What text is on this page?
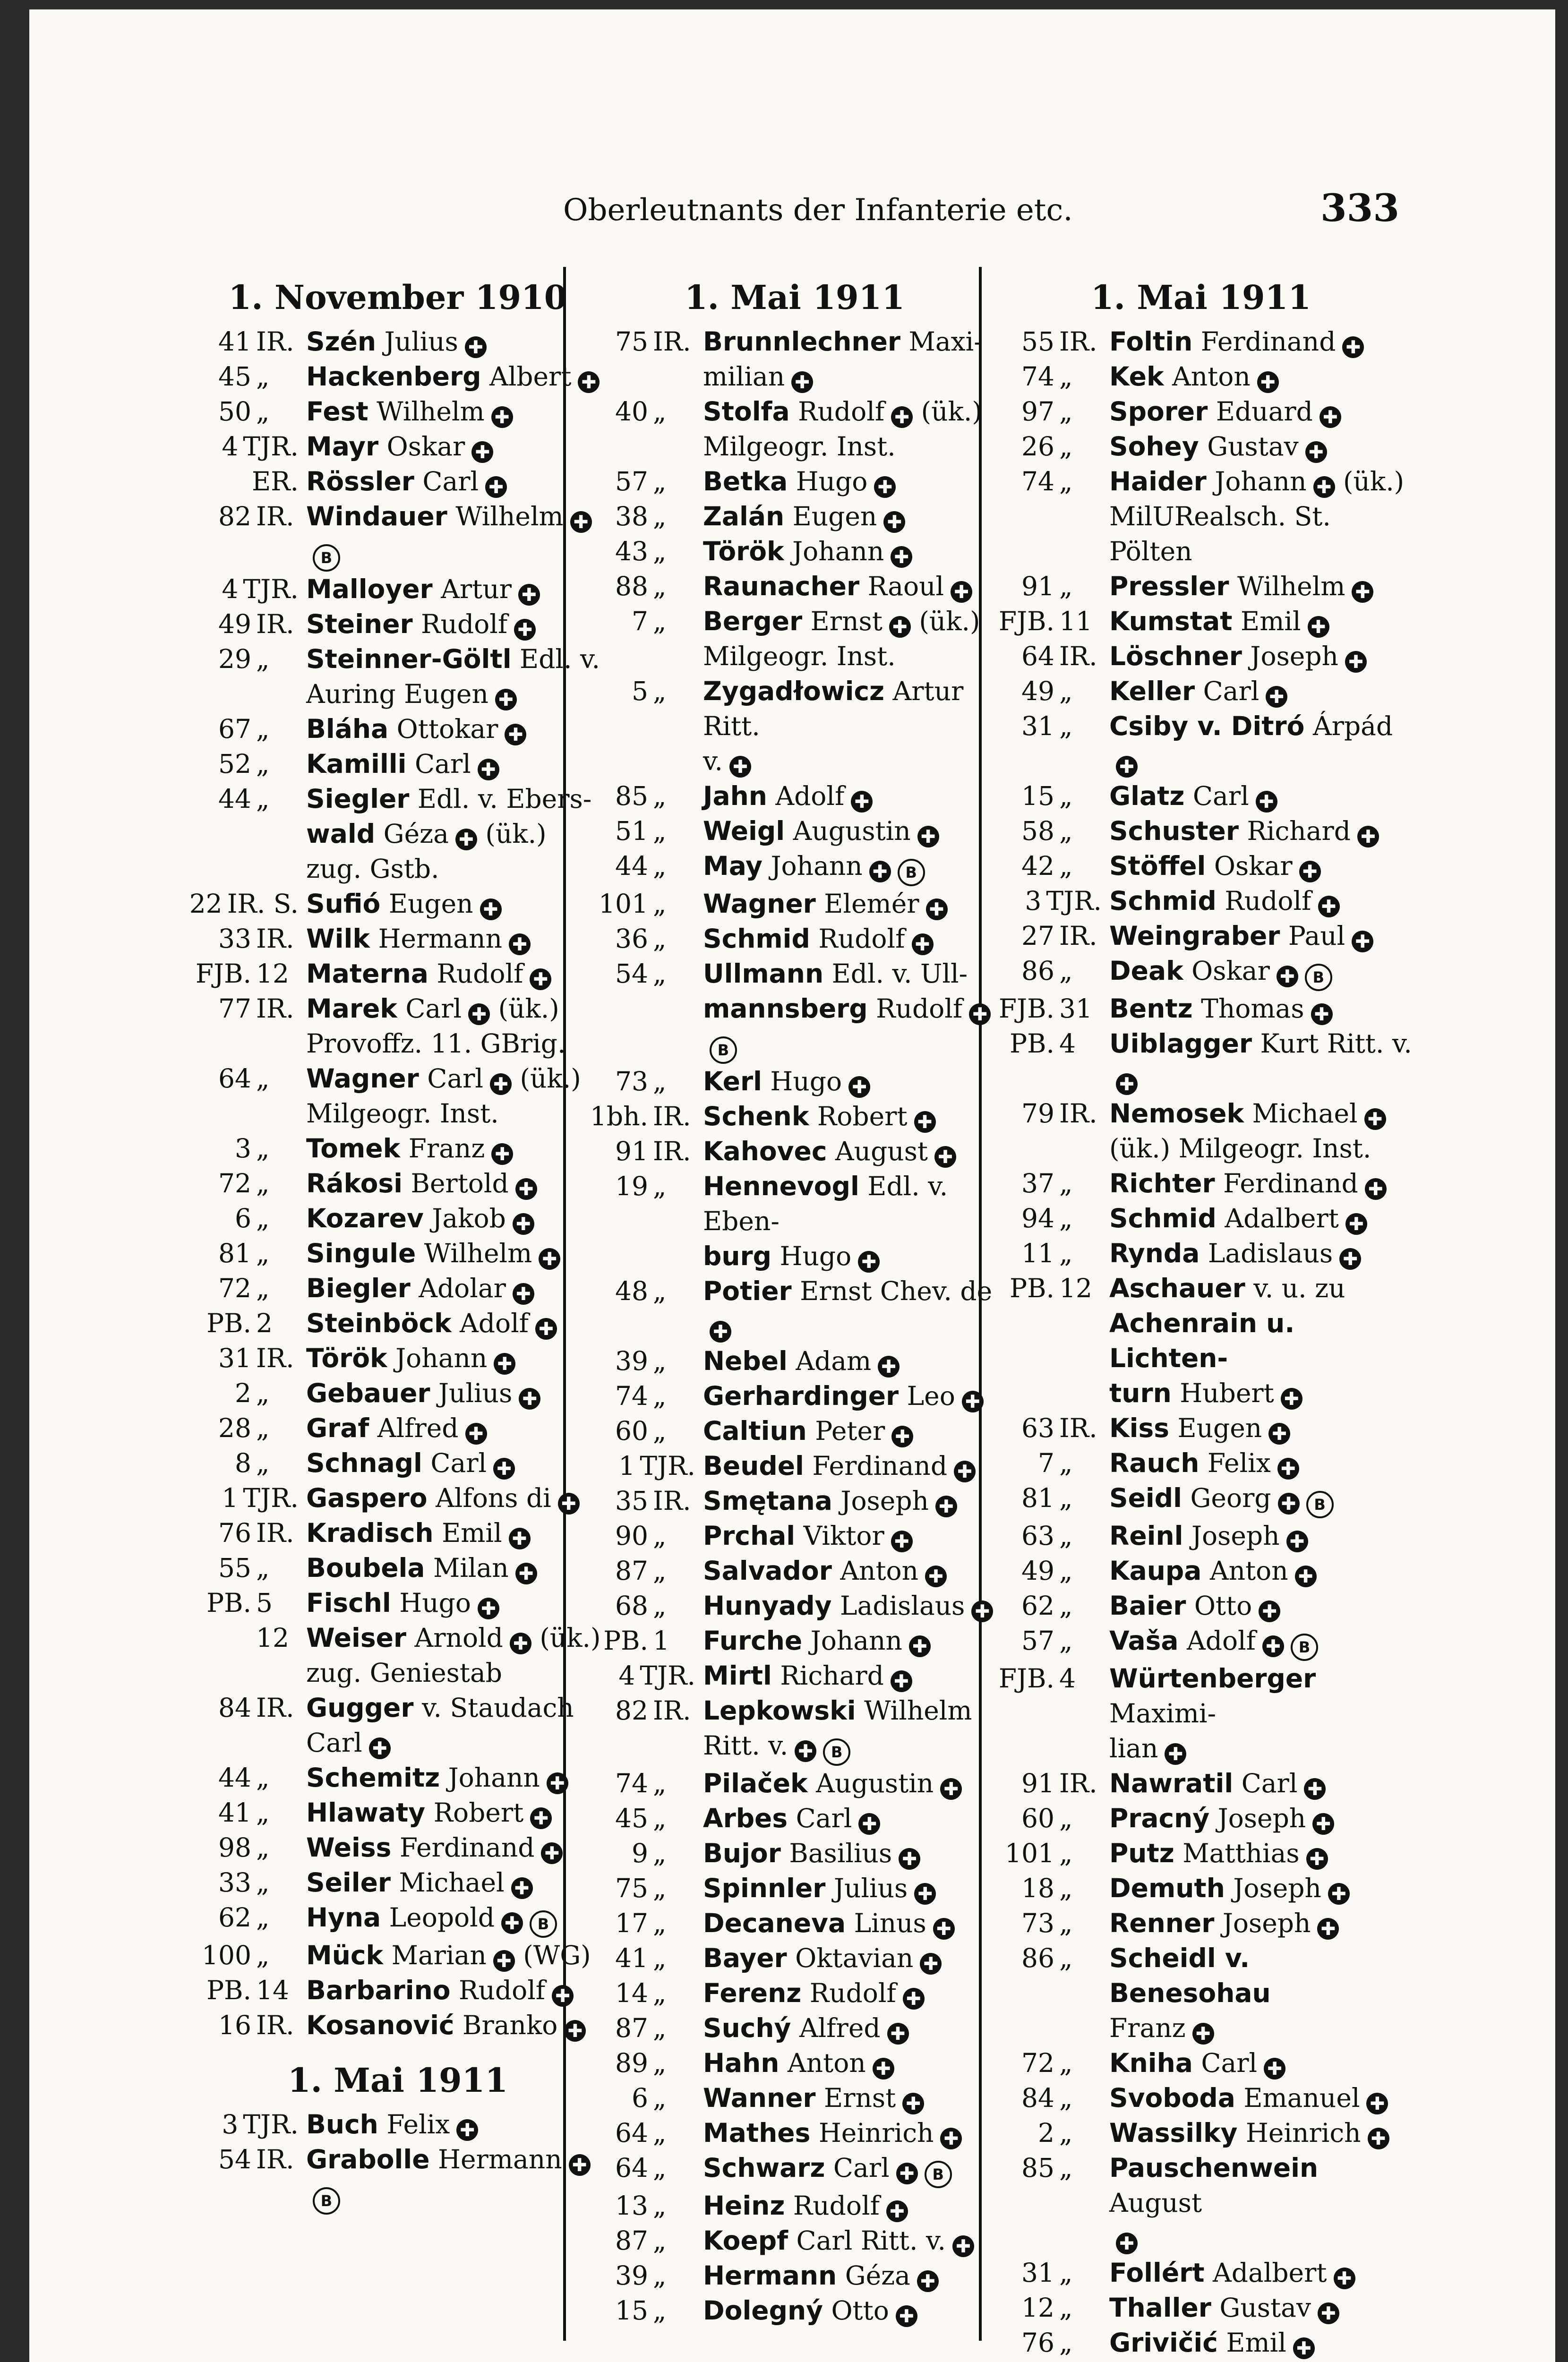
Oberleutnants der Infanterie etc.	333
1. November 1910
41 IR. Szén Julius ✚
45 „	Hackenberg Albert ✚
50 „	Fest Wilhelm ✚
4 TJR. Mayr Oskar ✚
ER. Rössler Carl ✚
82 IR. Windauer Wilhelm ✚
B
4 TJR. Malloyer Artur ✚
49 IR. Steiner Rudolf ✚
29 „	Steinner-Göltl Edl. v.
Auring Eugen ✚
67 „	Bláha Ottokar ✚
52 „	Kamilli Carl ✚
44 „	Siegler Edl. v. Ebers-
wald Géza ✚ (ük.)
zug. Gstb.
22 IR. S. Sufió Eugen ✚
33 IR. Wilk Hermann ✚
FJB. 12 Materna Rudolf ✚
77 IR. Marek Carl ✚ (ük.)
Provoffz. 11. GBrig.
64 „	Wagner Carl ✚ (ük.)
Milgeogr. Inst.
3 „	Tomek Franz ✚
72 „	Rákosi Bertold ✚
6 „	Kozarev Jakob ✚
81 „	Singule Wilhelm ✚
72 „	Biegler Adolar ✚
PB. 2	Steinböck Adolf ✚
31 IR. Török Johann ✚
2 „	Gebauer Julius ✚
28 „	Graf Alfred ✚
8 „	Schnagl Carl ✚
1 TJR. Gaspero Alfons di ✚
76 IR. Kradisch Emil ✚
55 „	Boubela Milan ✚
PB. 5	Fischl Hugo ✚
12 Weiser Arnold ✚ (ük.)
zug. Geniestab
84 IR. Gugger v. Staudach
Carl ✚
44 „	Schemitz Johann ✚
41 „	Hlawaty Robert ✚
98 „	Weiss Ferdinand ✚
33 „	Seiler Michael ✚
62 „	Hyna Leopold ✚ B
100 „	Mück Marian ✚ (WG)
PB. 14 Barbarino Rudolf ✚
16 IR. Kosanović Branko ✚
1. Mai 1911
3 TJR. Buch Felix ✚
54 IR. Grabolle Hermann ✚
B
1. Mai 1911
75 IR. Brunnlechner Maxi-
milian ✚
40 „	Stolfa Rudolf ✚ (ük.)
Milgeogr. Inst.
57 „	Betka Hugo ✚
38 „	Zalán Eugen ✚
43 „	Török Johann ✚
88 „	Raunacher Raoul ✚
7 „	Berger Ernst ✚ (ük.)
Milgeogr. Inst.
5 „	Zygadłowicz Artur Ritt.
v. ✚
85 „	Jahn Adolf ✚
51 „	Weigl Augustin ✚
44 „	May Johann ✚ B
101 „	Wagner Elemér ✚
36 „	Schmid Rudolf ✚
54 „	Ullmann Edl. v. Ull-
mannsberg Rudolf ✚
B
73 „	Kerl Hugo ✚
1bh. IR. Schenk Robert ✚
91 IR. Kahovec August ✚
19 „	Hennevogl Edl. v. Eben-
burg Hugo ✚
48 „	Potier Ernst Chev. de
✚
39 „	Nebel Adam ✚
74 „	Gerhardinger Leo ✚
60 „	Caltiun Peter ✚
1 TJR. Beudel Ferdinand ✚
35 IR. Smętana Joseph ✚
90 „	Prchal Viktor ✚
87 „	Salvador Anton ✚
68 „	Hunyady Ladislaus ✚
PB. 1	Furche Johann ✚
4 TJR. Mirtl Richard ✚
82 IR. Lepkowski Wilhelm
Ritt. v. ✚ B
74 „	Pilaček Augustin ✚
45 „	Arbes Carl ✚
9 „	Bujor Basilius ✚
75 „	Spinnler Julius ✚
17 „	Decaneva Linus ✚
41 „	Bayer Oktavian ✚
14 „	Ferenz Rudolf ✚
87 „	Suchý Alfred ✚
89 „	Hahn Anton ✚
6 „	Wanner Ernst ✚
64 „	Mathes Heinrich ✚
64 „	Schwarz Carl ✚ B
13 „	Heinz Rudolf ✚
87 „	Koepf Carl Ritt. v. ✚
39 „	Hermann Géza ✚
15 „	Dolegný Otto ✚
1. Mai 1911
55 IR. Foltin Ferdinand ✚
74 „	Kek Anton ✚
97 „	Sporer Eduard ✚
26 „	Sohey Gustav ✚
74 „	Haider Johann ✚ (ük.)
MilURealsch. St. Pölten
91 „	Pressler Wilhelm ✚
FJB. 11 Kumstat Emil ✚
64 IR. Löschner Joseph ✚
49 „	Keller Carl ✚
31 „	Csiby v. Ditró Árpád✚
15 „	Glatz Carl ✚
58 „	Schuster Richard ✚
42 „	Stöffel Oskar ✚
3 TJR. Schmid Rudolf ✚
27 IR. Weingraber Paul ✚
86 „	Deak Oskar ✚ B
FJB. 31 Bentz Thomas ✚
PB. 4	Uiblagger Kurt Ritt. v.
✚
79 IR. Nemosek Michael ✚
(ük.) Milgeogr. Inst.
37 „	Richter Ferdinand ✚
94 „	Schmid Adalbert ✚
11 „	Rynda Ladislaus ✚
PB. 12 Aschauer v. u. zu
Achenrain u. Lichten-
turn Hubert ✚
63 IR. Kiss Eugen ✚
7 „	Rauch Felix ✚
81 „	Seidl Georg ✚ B
63 „	Reinl Joseph ✚
49 „	Kaupa Anton ✚
62 „	Baier Otto ✚
57 „	Vaša Adolf ✚ B
FJB. 4	Würtenberger Maximi-
lian ✚
91 IR. Nawratil Carl ✚
60 „	Pracný Joseph ✚
101 „	Putz Matthias ✚
18 „	Demuth Joseph ✚
73 „	Renner Joseph ✚
86 „	Scheidl v. Benesohau
Franz ✚
72 „	Kniha Carl ✚
84 „	Svoboda Emanuel ✚
2 „	Wassilky Heinrich ✚
85 „	Pauschenwein August
✚
31 „	Follért Adalbert ✚
12 „	Thaller Gustav ✚
76 „	Grivičić Emil ✚
